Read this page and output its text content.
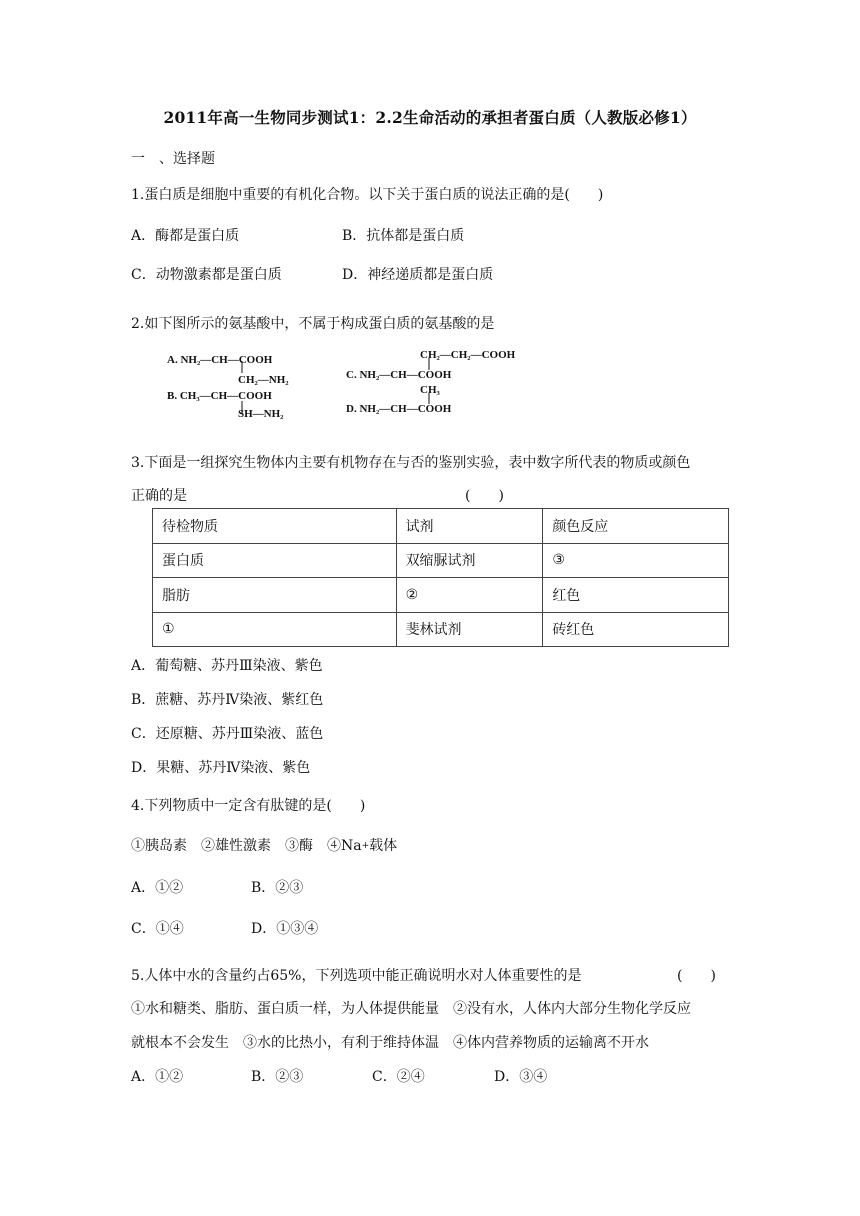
2011年高一生物同步测试1：2.2生命活动的承担者蛋白质（人教版必修1）
一　、选择题
1.蛋白质是细胞中重要的有机化合物。以下关于蛋白质的说法正确的是(　　)
A．酶都是蛋白质	B．抗体都是蛋白质
C．动物激素都是蛋白质	D．神经递质都是蛋白质
2.如下图所示的氨基酸中，不属于构成蛋白质的氨基酸的是
A. NH₂—CH—COOH
CH₂—NH₂
B. CH₃—CH—COOH
SH—NH₂
CH₂—CH₂—COOH
C. NH₂—CH—COOH
CH₃
D. NH₂—CH—COOH
3.下面是一组探究生物体内主要有机物存在与否的鉴别实验，表中数字所代表的物质或颜色
正确的是	(　　)
待检物质	试剂	颜色反应
蛋白质	双缩脲试剂	③
脂肪	②	红色
①	斐林试剂	砖红色
A．葡萄糖、苏丹Ⅲ染液、紫色
B．蔗糖、苏丹Ⅳ染液、紫红色
C．还原糖、苏丹Ⅲ染液、蓝色
D．果糖、苏丹Ⅳ染液、紫色
4.下列物质中一定含有肽键的是(　　)
①胰岛素　②雄性激素　③酶　④Na+载体
A．①②	B．②③
C．①④	D．①③④
5.人体中水的含量约占65%，下列选项中能正确说明水对人体重要性的是	(　　)
①水和糖类、脂肪、蛋白质一样，为人体提供能量　②没有水，人体内大部分生物化学反应
就根本不会发生　③水的比热小，有利于维持体温　④体内营养物质的运输离不开水
A．①②	B．②③	C．②④	D．③④
